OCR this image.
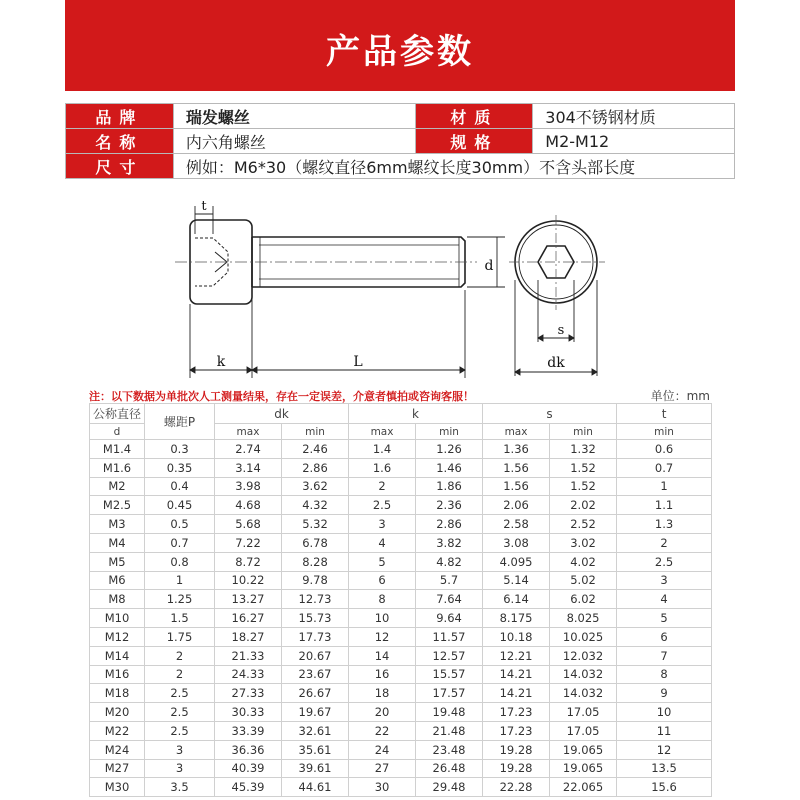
产品参数
品牌	瑞发螺丝	材质	304不锈钢材质
名称	内六角螺丝	规格	M2-M12
尺寸	例如：M6*30（螺纹直径6mm螺纹长度30mm）不含头部长度		
t
d
k	L
s
dk
注：以下数据为单批次人工测量结果，存在一定误差，介意者慎拍或咨询客服！	单位：mm
公称直径	螺距P	dk		k		s		t
d		max	min	max	min	max	min	min
M1.4	0.3	2.74	2.46	1.4	1.26	1.36	1.32	0.6
M1.6	0.35	3.14	2.86	1.6	1.46	1.56	1.52	0.7
M2	0.4	3.98	3.62	2	1.86	1.56	1.52	1
M2.5	0.45	4.68	4.32	2.5	2.36	2.06	2.02	1.1
M3	0.5	5.68	5.32	3	2.86	2.58	2.52	1.3
M4	0.7	7.22	6.78	4	3.82	3.08	3.02	2
M5	0.8	8.72	8.28	5	4.82	4.095	4.02	2.5
M6	1	10.22	9.78	6	5.7	5.14	5.02	3
M8	1.25	13.27	12.73	8	7.64	6.14	6.02	4
M10	1.5	16.27	15.73	10	9.64	8.175	8.025	5
M12	1.75	18.27	17.73	12	11.57	10.18	10.025	6
M14	2	21.33	20.67	14	12.57	12.21	12.032	7
M16	2	24.33	23.67	16	15.57	14.21	14.032	8
M18	2.5	27.33	26.67	18	17.57	14.21	14.032	9
M20	2.5	30.33	19.67	20	19.48	17.23	17.05	10
M22	2.5	33.39	32.61	22	21.48	17.23	17.05	11
M24	3	36.36	35.61	24	23.48	19.28	19.065	12
M27	3	40.39	39.61	27	26.48	19.28	19.065	13.5
M30	3.5	45.39	44.61	30	29.48	22.28	22.065	15.6
